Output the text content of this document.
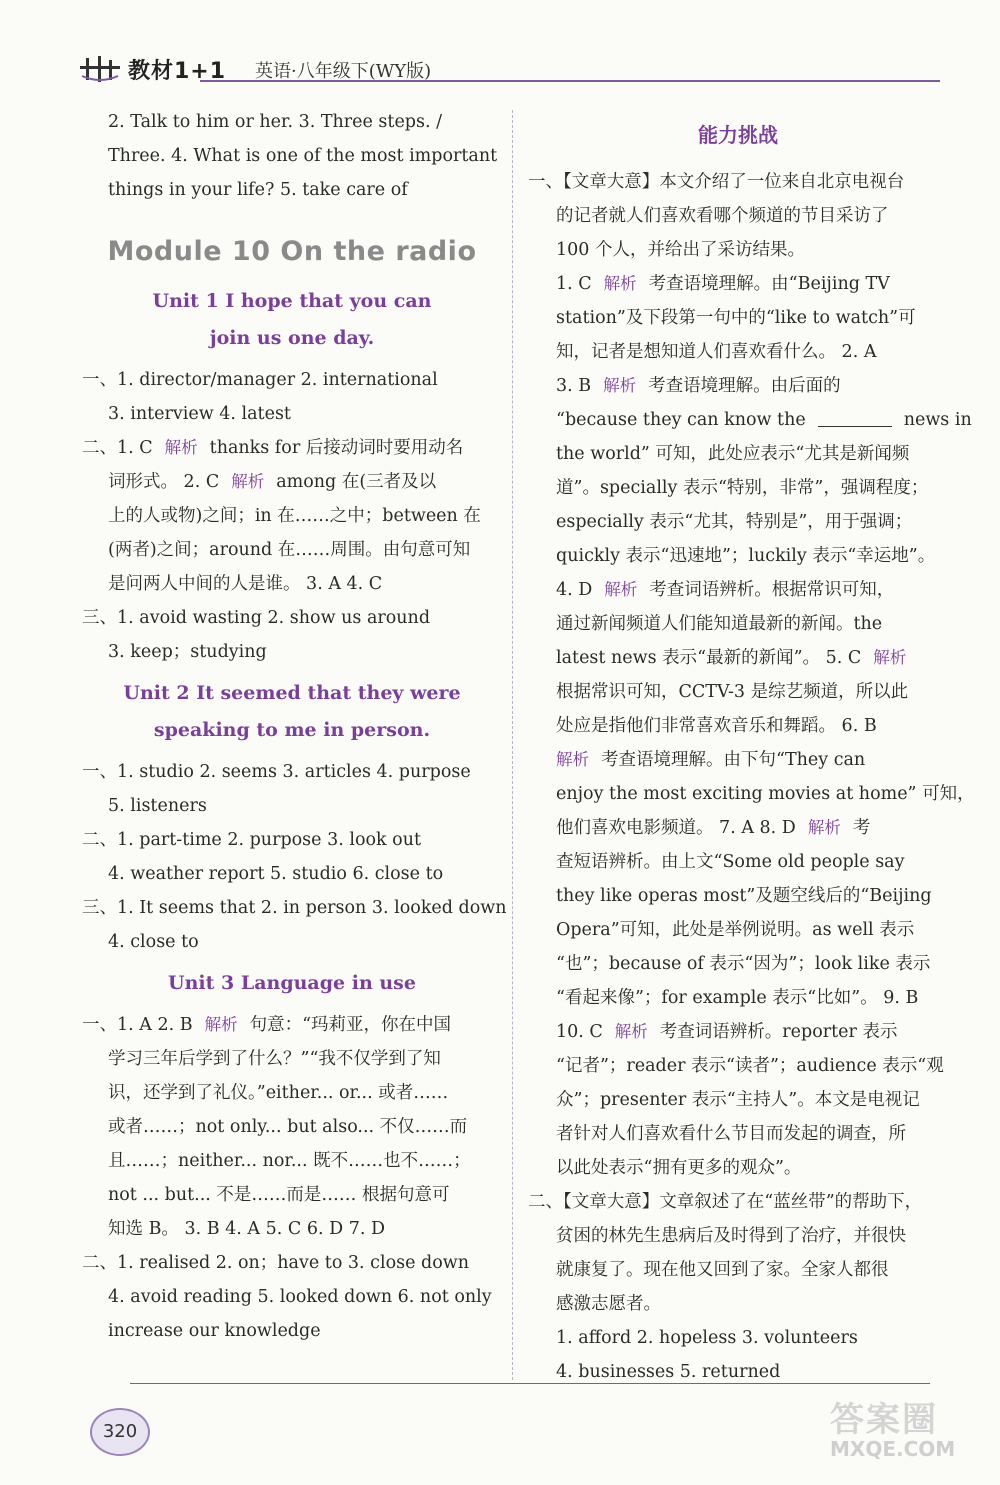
教材1+1 英语·八年级下(WY版)
2. Talk to him or her. 3. Three steps. /
Three. 4. What is one of the most important
things in your life? 5. take care of
Module 10 On the radio
Unit 1 I hope that you can
join us one day.
一、1. director/manager 2. international
3. interview 4. latest
二、1. C 解析 thanks for 后接动词时要用动名
词形式。 2. C 解析 among 在(三者及以
上的人或物)之间；in 在……之中；between 在
(两者)之间；around 在……周围。由句意可知
是问两人中间的人是谁。 3. A 4. C
三、1. avoid wasting 2. show us around
3. keep；studying
Unit 2 It seemed that they were
speaking to me in person.
一、1. studio 2. seems 3. articles 4. purpose
5. listeners
二、1. part-time 2. purpose 3. look out
4. weather report 5. studio 6. close to
三、1. It seems that 2. in person 3. looked down
4. close to
Unit 3 Language in use
一、1. A 2. B 解析 句意：“玛莉亚，你在中国
学习三年后学到了什么？”“我不仅学到了知
识，还学到了礼仪。”either... or... 或者……
或者……；not only... but also... 不仅……而
且……；neither... nor... 既不……也不……；
not ... but... 不是……而是…… 根据句意可
知选 B。 3. B 4. A 5. C 6. D 7. D
二、1. realised 2. on；have to 3. close down
4. avoid reading 5. looked down 6. not only
increase our knowledge
能力挑战
一、【文章大意】本文介绍了一位来自北京电视台
的记者就人们喜欢看哪个频道的节目采访了
100 个人，并给出了采访结果。
1. C 解析 考查语境理解。由“Beijing TV
station”及下段第一句中的“like to watch”可
知，记者是想知道人们喜欢看什么。 2. A
3. B 解析 考查语境理解。由后面的
“because they can know the	news in
the world” 可知，此处应表示“尤其是新闻频
道”。specially 表示“特别，非常”，强调程度；
especially 表示“尤其，特别是”，用于强调；
quickly 表示“迅速地”；luckily 表示“幸运地”。
4. D 解析 考查词语辨析。根据常识可知，
通过新闻频道人们能知道最新的新闻。the
latest news 表示“最新的新闻”。 5. C 解析
根据常识可知，CCTV-3 是综艺频道，所以此
处应是指他们非常喜欢音乐和舞蹈。 6. B
解析 考查语境理解。由下句“They can
enjoy the most exciting movies at home” 可知，
他们喜欢电影频道。 7. A 8. D 解析 考
查短语辨析。由上文“Some old people say
they like operas most”及题空线后的“Beijing
Opera”可知，此处是举例说明。as well 表示
“也”；because of 表示“因为”；look like 表示
“看起来像”；for example 表示“比如”。 9. B
10. C 解析 考查词语辨析。reporter 表示
“记者”；reader 表示“读者”；audience 表示“观
众”；presenter 表示“主持人”。本文是电视记
者针对人们喜欢看什么节目而发起的调查，所
以此处表示“拥有更多的观众”。
二、【文章大意】文章叙述了在“蓝丝带”的帮助下，
贫困的林先生患病后及时得到了治疗，并很快
就康复了。现在他又回到了家。全家人都很
感激志愿者。
1. afford 2. hopeless 3. volunteers
4. businesses 5. returned
320	答案圈
MXQE.COM
